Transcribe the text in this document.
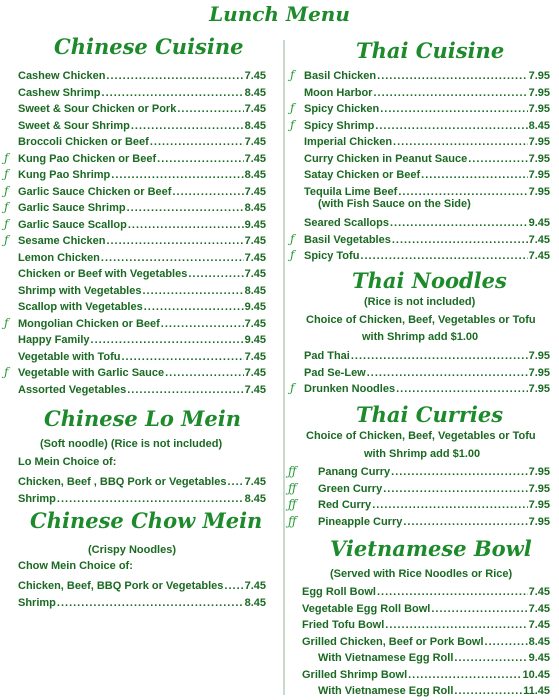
Lunch Menu
Chinese Cuisine
Cashew Chicken .....	7.45
Cashew Shrimp .....	8.45
Sweet & Sour Chicken or Pork .....	7.45
Sweet & Sour Shrimp .....	8.45
Broccoli Chicken or Beef .....	7.45
Kung Pao Chicken or Beef .....	7.45
ƒ
Kung Pao Shrimp .....	8.45
ƒ
Garlic Sauce Chicken or Beef .....	7.45
ƒ
Garlic Sauce Shrimp .....	8.45
ƒ
Garlic Sauce Scallop .....	9.45
ƒ
Sesame Chicken .....	7.45
ƒ
Lemon Chicken .....	7.45
Chicken or Beef with Vegetables .....	7.45
Shrimp with Vegetables .....	8.45
Scallop with Vegetables .....	9.45
Mongolian Chicken or Beef .....	7.45
ƒ
Happy Family .....	9.45
Vegetable with Tofu .....	7.45
Vegetable with Garlic Sauce .....	7.45
ƒ
Assorted Vegetables .....	7.45
Chinese Lo Mein
(Soft noodle) (Rice is not included)
Lo Mein Choice of:
Chicken, Beef , BBQ Pork or Vegetables ..... 7.45
Shrimp .....	8.45
Chinese Chow Mein
(Crispy Noodles)
Chow Mein Choice of:
Chicken, Beef, BBQ Pork or Vegetables ..... 7.45
Shrimp .....	8.45
Thai Cuisine
Basil Chicken .....	7.95
ƒ
Moon Harbor .....	7.95
Spicy Chicken .....	7.95
ƒ
Spicy Shrimp .....	8.45
ƒ
Imperial Chicken .....	7.95
Curry Chicken in Peanut Sauce .....	7.95
Satay Chicken or Beef .....	7.95
Tequila Lime Beef .....	7.95
(with Fish Sauce on the Side)
Seared Scallops .....	9.45
Basil Vegetables .....	7.45
ƒ
Spicy Tofu .....	7.45
ƒ
Thai Noodles
(Rice is not included)
Choice of Chicken, Beef, Vegetables or Tofu
with Shrimp add $1.00
Pad Thai .....	7.95
Pad Se-Lew .....	7.95
Drunken Noodles .....	7.95
ƒ
Thai Curries
Choice of Chicken, Beef, Vegetables or Tofu
with Shrimp add $1.00
Panang Curry .....	7.95
ƒƒ
Green Curry .....	7.95
ƒƒ
Red Curry .....	7.95
ƒƒ
Pineapple Curry .....	7.95
ƒƒ
Vietnamese Bowl
(Served with Rice Noodles or Rice)
Egg Roll Bowl .....	7.45
Vegetable Egg Roll Bowl .....	7.45
Fried Tofu Bowl .....	7.45
Grilled Chicken, Beef or Pork Bowl .....	8.45
With Vietnamese Egg Roll .....	9.45
Grilled Shrimp Bowl .....	10.45
With Vietnamese Egg Roll .....	11.45
